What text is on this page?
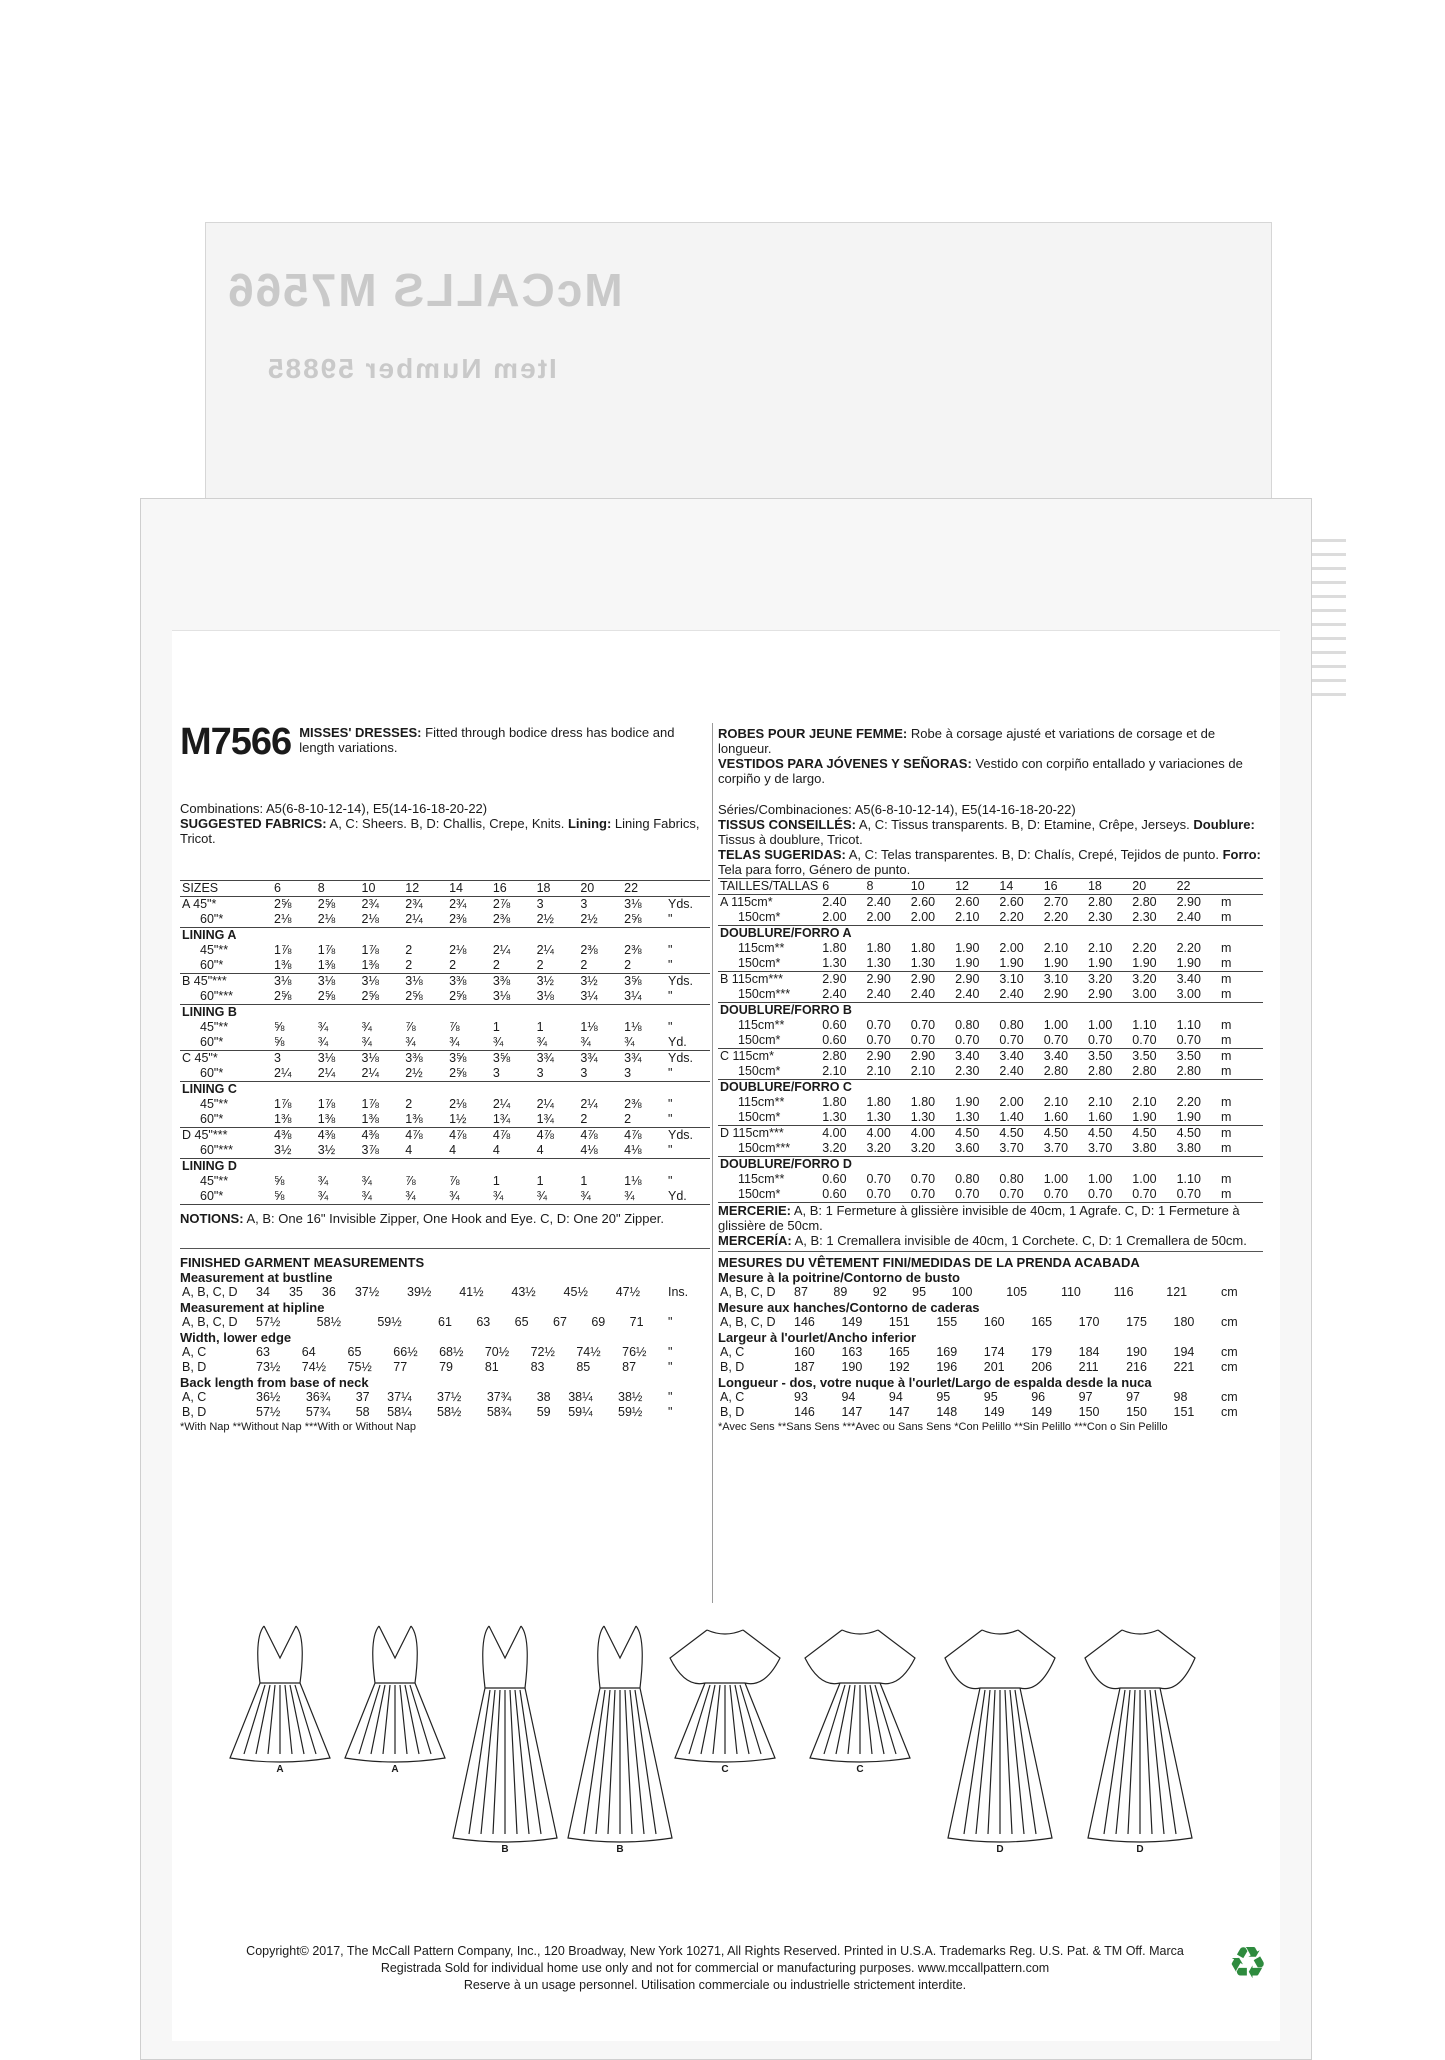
McCALLS M7566
Item Number 59885
M7566 MISSES' DRESSES: Fitted through bodice dress has bodice and length variations.
Combinations: A5(6-8-10-12-14), E5(14-16-18-20-22)
SUGGESTED FABRICS: A, C: Sheers. B, D: Challis, Crepe, Knits. Lining: Lining Fabrics, Tricot.
SIZES	6	8	10	12	14	16	18	20	22	
A 45"*	2⅝	2⅝	2¾	2¾	2¾	2⅞	3	3	3⅛	Yds.
60"*	2⅛	2⅛	2⅛	2¼	2⅜	2⅜	2½	2½	2⅝	"
LINING A										
45"**	1⅞	1⅞	1⅞	2	2⅛	2¼	2¼	2⅜	2⅜	"
60"*	1⅜	1⅜	1⅜	2	2	2	2	2	2	"
B 45"***	3⅛	3⅛	3⅛	3⅛	3⅜	3⅜	3½	3½	3⅝	Yds.
60"***	2⅝	2⅝	2⅝	2⅝	2⅝	3⅛	3⅛	3¼	3¼	"
LINING B										
45"**	⅝	¾	¾	⅞	⅞	1	1	1⅛	1⅛	"
60"*	⅝	¾	¾	¾	¾	¾	¾	¾	¾	Yd.
C 45"*	3	3⅛	3⅛	3⅜	3⅝	3⅝	3¾	3¾	3¾	Yds.
60"*	2¼	2¼	2¼	2½	2⅝	3	3	3	3	"
LINING C										
45"**	1⅞	1⅞	1⅞	2	2⅛	2¼	2¼	2¼	2⅜	"
60"*	1⅜	1⅜	1⅜	1⅜	1½	1¾	1¾	2	2	"
D 45"***	4⅜	4⅜	4⅜	4⅞	4⅞	4⅞	4⅞	4⅞	4⅞	Yds.
60"***	3½	3½	3⅞	4	4	4	4	4⅛	4⅛	"
LINING D										
45"**	⅝	¾	¾	⅞	⅞	1	1	1	1⅛	"
60"*	⅝	¾	¾	¾	¾	¾	¾	¾	¾	Yd.
NOTIONS: A, B: One 16" Invisible Zipper, One Hook and Eye. C, D: One 20" Zipper.
FINISHED GARMENT MEASUREMENTS
Measurement at bustline
A, B, C, D	34	35	36	37½	39½	41½	43½	45½	47½	Ins.
Measurement at hipline
A, B, C, D	57½	58½	59½	61	63	65	67	69	71	"
Width, lower edge
A, C	63	64	65	66½	68½	70½	72½	74½	76½	"
B, D	73½	74½	75½	77	79	81	83	85	87	"
Back length from base of neck
A, C	36½	36¾	37	37¼	37½	37¾	38	38¼	38½	"
B, D	57½	57¾	58	58¼	58½	58¾	59	59¼	59½	"
*With Nap **Without Nap ***With or Without Nap
ROBES POUR JEUNE FEMME: Robe à corsage ajusté et variations de corsage et de longueur.
VESTIDOS PARA JÓVENES Y SEÑORAS: Vestido con corpiño entallado y variaciones de corpiño y de largo.
Séries/Combinaciones: A5(6-8-10-12-14), E5(14-16-18-20-22)
TISSUS CONSEILLÉS: A, C: Tissus transparents. B, D: Etamine, Crêpe, Jerseys. Doublure: Tissus à doublure, Tricot.
TELAS SUGERIDAS: A, C: Telas transparentes. B, D: Chalís, Crepé, Tejidos de punto. Forro: Tela para forro, Género de punto.
TAILLES/TALLAS	6	8	10	12	14	16	18	20	22	
A 115cm*	2.40	2.40	2.60	2.60	2.60	2.70	2.80	2.80	2.90	m
150cm*	2.00	2.00	2.00	2.10	2.20	2.20	2.30	2.30	2.40	m
DOUBLURE/FORRO A										
115cm**	1.80	1.80	1.80	1.90	2.00	2.10	2.10	2.20	2.20	m
150cm*	1.30	1.30	1.30	1.90	1.90	1.90	1.90	1.90	1.90	m
B 115cm***	2.90	2.90	2.90	2.90	3.10	3.10	3.20	3.20	3.40	m
150cm***	2.40	2.40	2.40	2.40	2.40	2.90	2.90	3.00	3.00	m
DOUBLURE/FORRO B										
115cm**	0.60	0.70	0.70	0.80	0.80	1.00	1.00	1.10	1.10	m
150cm*	0.60	0.70	0.70	0.70	0.70	0.70	0.70	0.70	0.70	m
C 115cm*	2.80	2.90	2.90	3.40	3.40	3.40	3.50	3.50	3.50	m
150cm*	2.10	2.10	2.10	2.30	2.40	2.80	2.80	2.80	2.80	m
DOUBLURE/FORRO C										
115cm**	1.80	1.80	1.80	1.90	2.00	2.10	2.10	2.10	2.20	m
150cm*	1.30	1.30	1.30	1.30	1.40	1.60	1.60	1.90	1.90	m
D 115cm***	4.00	4.00	4.00	4.50	4.50	4.50	4.50	4.50	4.50	m
150cm***	3.20	3.20	3.20	3.60	3.70	3.70	3.70	3.80	3.80	m
DOUBLURE/FORRO D										
115cm**	0.60	0.70	0.70	0.80	0.80	1.00	1.00	1.00	1.10	m
150cm*	0.60	0.70	0.70	0.70	0.70	0.70	0.70	0.70	0.70	m
MERCERIE: A, B: 1 Fermeture à glissière invisible de 40cm, 1 Agrafe. C, D: 1 Fermeture à glissière de 50cm.
MERCERÍA: A, B: 1 Cremallera invisible de 40cm, 1 Corchete. C, D: 1 Cremallera de 50cm.
MESURES DU VÊTEMENT FINI/MEDIDAS DE LA PRENDA ACABADA
Mesure à la poitrine/Contorno de busto
A, B, C, D	87	89	92	95	100	105	110	116	121	cm
Mesure aux hanches/Contorno de caderas
A, B, C, D	146	149	151	155	160	165	170	175	180	cm
Largeur à l'ourlet/Ancho inferior
A, C	160	163	165	169	174	179	184	190	194	cm
B, D	187	190	192	196	201	206	211	216	221	cm
Longueur - dos, votre nuque à l'ourlet/Largo de espalda desde la nuca
A, C	93	94	94	95	95	96	97	97	98	cm
B, D	146	147	147	148	149	149	150	150	151	cm
*Avec Sens **Sans Sens ***Avec ou Sans Sens *Con Pelillo **Sin Pelillo ***Con o Sin Pelillo
A	A
B	B
C	C
D	D
Copyright© 2017, The McCall Pattern Company, Inc., 120 Broadway, New York 10271, All Rights Reserved. Printed in U.S.A. Trademarks Reg. U.S. Pat. & TM Off. Marca
Registrada Sold for individual home use only and not for commercial or manufacturing purposes. www.mccallpattern.com
Reserve à un usage personnel. Utilisation commerciale ou industrielle strictement interdite.	♻
